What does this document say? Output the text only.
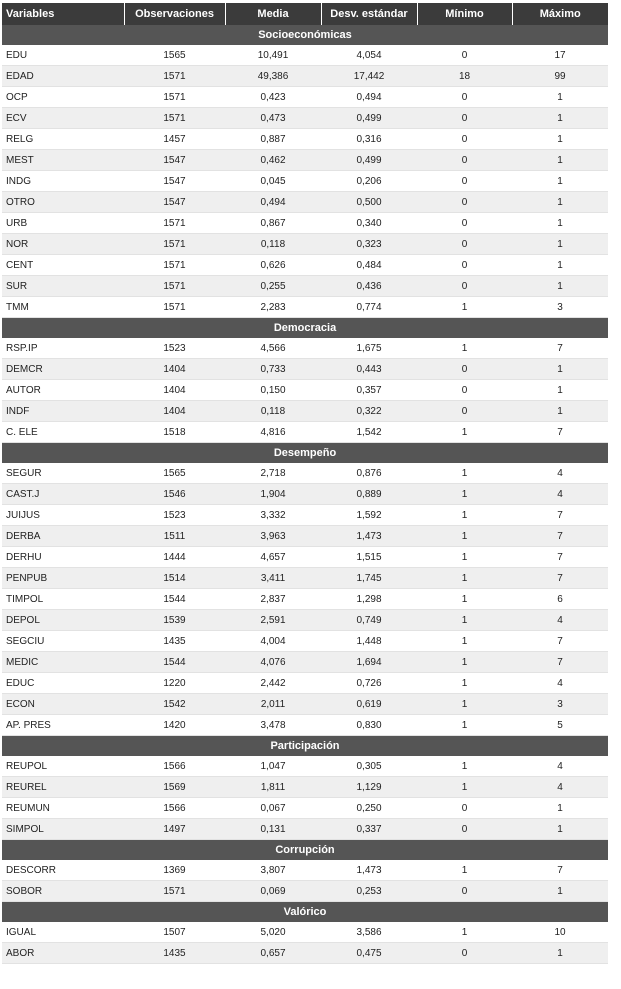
Variables	Observaciones	Media	Desv. estándar	Mínimo	Máximo
Socioeconómicas					
EDU	1565	10,491	4,054	0	17
EDAD	1571	49,386	17,442	18	99
OCP	1571	0,423	0,494	0	1
ECV	1571	0,473	0,499	0	1
RELG	1457	0,887	0,316	0	1
MEST	1547	0,462	0,499	0	1
INDG	1547	0,045	0,206	0	1
OTRO	1547	0,494	0,500	0	1
URB	1571	0,867	0,340	0	1
NOR	1571	0,118	0,323	0	1
CENT	1571	0,626	0,484	0	1
SUR	1571	0,255	0,436	0	1
TMM	1571	2,283	0,774	1	3
Democracia					
RSP.IP	1523	4,566	1,675	1	7
DEMCR	1404	0,733	0,443	0	1
AUTOR	1404	0,150	0,357	0	1
INDF	1404	0,118	0,322	0	1
C. ELE	1518	4,816	1,542	1	7
Desempeño					
SEGUR	1565	2,718	0,876	1	4
CAST.J	1546	1,904	0,889	1	4
JUIJUS	1523	3,332	1,592	1	7
DERBA	1511	3,963	1,473	1	7
DERHU	1444	4,657	1,515	1	7
PENPUB	1514	3,411	1,745	1	7
TIMPOL	1544	2,837	1,298	1	6
DEPOL	1539	2,591	0,749	1	4
SEGCIU	1435	4,004	1,448	1	7
MEDIC	1544	4,076	1,694	1	7
EDUC	1220	2,442	0,726	1	4
ECON	1542	2,011	0,619	1	3
AP. PRES	1420	3,478	0,830	1	5
Participación					
REUPOL	1566	1,047	0,305	1	4
REUREL	1569	1,811	1,129	1	4
REUMUN	1566	0,067	0,250	0	1
SIMPOL	1497	0,131	0,337	0	1
Corrupción					
DESCORR	1369	3,807	1,473	1	7
SOBOR	1571	0,069	0,253	0	1
Valórico					
IGUAL	1507	5,020	3,586	1	10
ABOR	1435	0,657	0,475	0	1
